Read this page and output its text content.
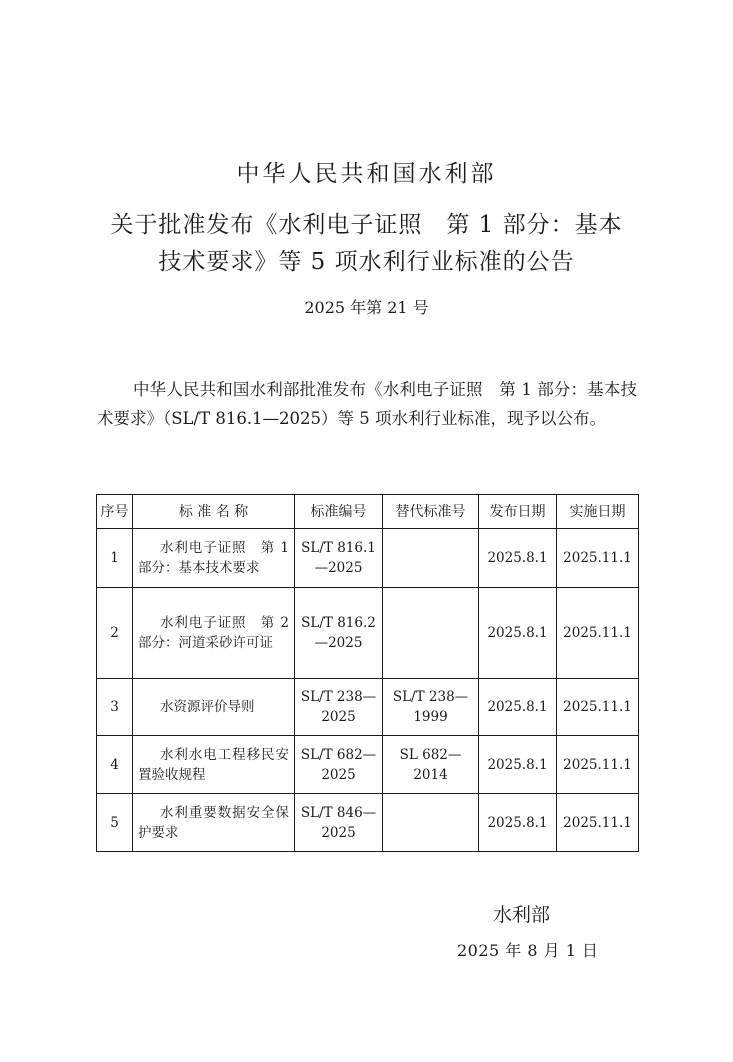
中华人民共和国水利部
关于批准发布《水利电子证照　第 1 部分：基本
技术要求》等 5 项水利行业标准的公告
2025 年第 21 号
中华人民共和国水利部批准发布《水利电子证照　第 1 部分：基本技术要求》（SL/T 816.1—2025）等 5 项水利行业标准，现予以公布。
序号	标 准 名 称	标准编号	替代标准号	发布日期	实施日期
1	水利电子证照　第 1 部分：基本技术要求	SL/T 816.1—2025		2025.8.1	2025.11.1
2	水利电子证照　第 2 部分：河道采砂许可证	SL/T 816.2—2025		2025.8.1	2025.11.1
3	水资源评价导则	SL/T 238—2025	SL/T 238—1999	2025.8.1	2025.11.1
4	水利水电工程移民安置验收规程	SL/T 682—2025	SL 682—2014	2025.8.1	2025.11.1
5	水利重要数据安全保护要求	SL/T 846—2025		2025.8.1	2025.11.1
水利部
2025 年 8 月 1 日
